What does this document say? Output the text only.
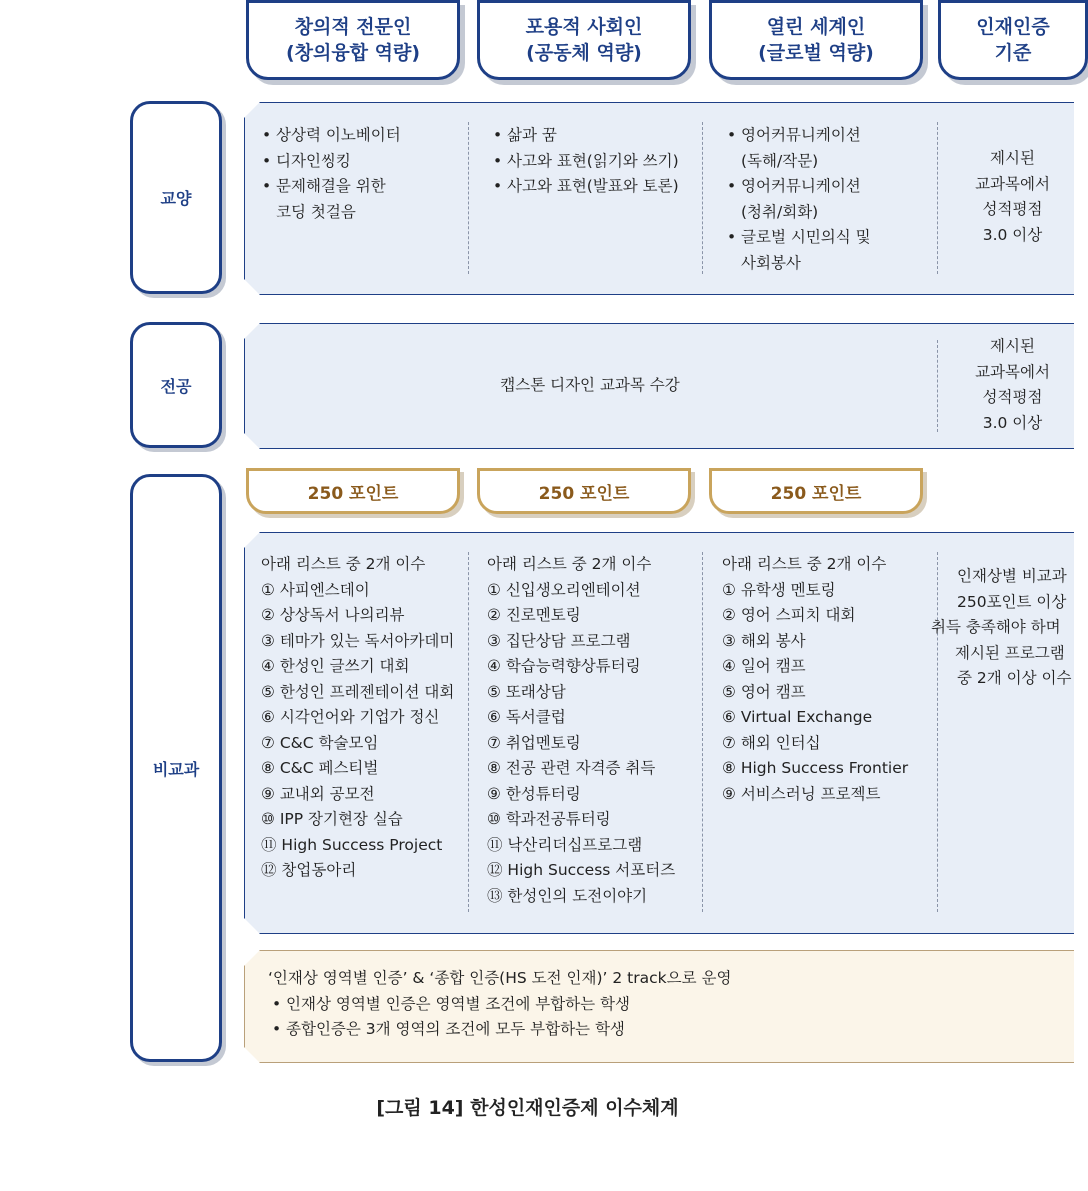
창의적 전문인
(창의융합 역량)
포용적 사회인
(공동체 역량)
열린 세계인
(글로벌 역량)
인재인증
기준
교양
전공
비교과
• 상상력 이노베이터
• 디자인씽킹
• 문제해결을 위한
코딩 첫걸음
• 삶과 꿈
• 사고와 표현(읽기와 쓰기)
• 사고와 표현(발표와 토론)
• 영어커뮤니케이션
(독해/작문)
• 영어커뮤니케이션
(청취/회화)
• 글로벌 시민의식 및
사회봉사
제시된
교과목에서
성적평점
3.0 이상
캡스톤 디자인 교과목 수강
제시된
교과목에서
성적평점
3.0 이상
250 포인트	250 포인트	250 포인트
아래 리스트 중 2개 이수
① 사피엔스데이
② 상상독서 나의리뷰
③ 테마가 있는 독서아카데미
④ 한성인 글쓰기 대회
⑤ 한성인 프레젠테이션 대회
⑥ 시각언어와 기업가 정신
⑦ C&C 학술모임
⑧ C&C 페스티벌
⑨ 교내외 공모전
⑩ IPP 장기현장 실습
⑪ High Success Project
⑫ 창업동아리
아래 리스트 중 2개 이수
① 신입생오리엔테이션
② 진로멘토링
③ 집단상담 프로그램
④ 학습능력향상튜터링
⑤ 또래상담
⑥ 독서클럽
⑦ 취업멘토링
⑧ 전공 관련 자격증 취득
⑨ 한성튜터링
⑩ 학과전공튜터링
⑪ 낙산리더십프로그램
⑫ High Success 서포터즈
⑬ 한성인의 도전이야기
아래 리스트 중 2개 이수
① 유학생 멘토링
② 영어 스피치 대회
③ 해외 봉사
④ 일어 캠프
⑤ 영어 캠프
⑥ Virtual Exchange
⑦ 해외 인터십
⑧ High Success Frontier
⑨ 서비스러닝 프로젝트
인재상별 비교과
250포인트 이상
취득 충족해야 하며
제시된 프로그램
중 2개 이상 이수
‘인재상 영역별 인증’ & ‘종합 인증(HS 도전 인재)’ 2 track으로 운영
• 인재상 영역별 인증은 영역별 조건에 부합하는 학생
• 종합인증은 3개 영역의 조건에 모두 부합하는 학생
[그림 14] 한성인재인증제 이수체계
